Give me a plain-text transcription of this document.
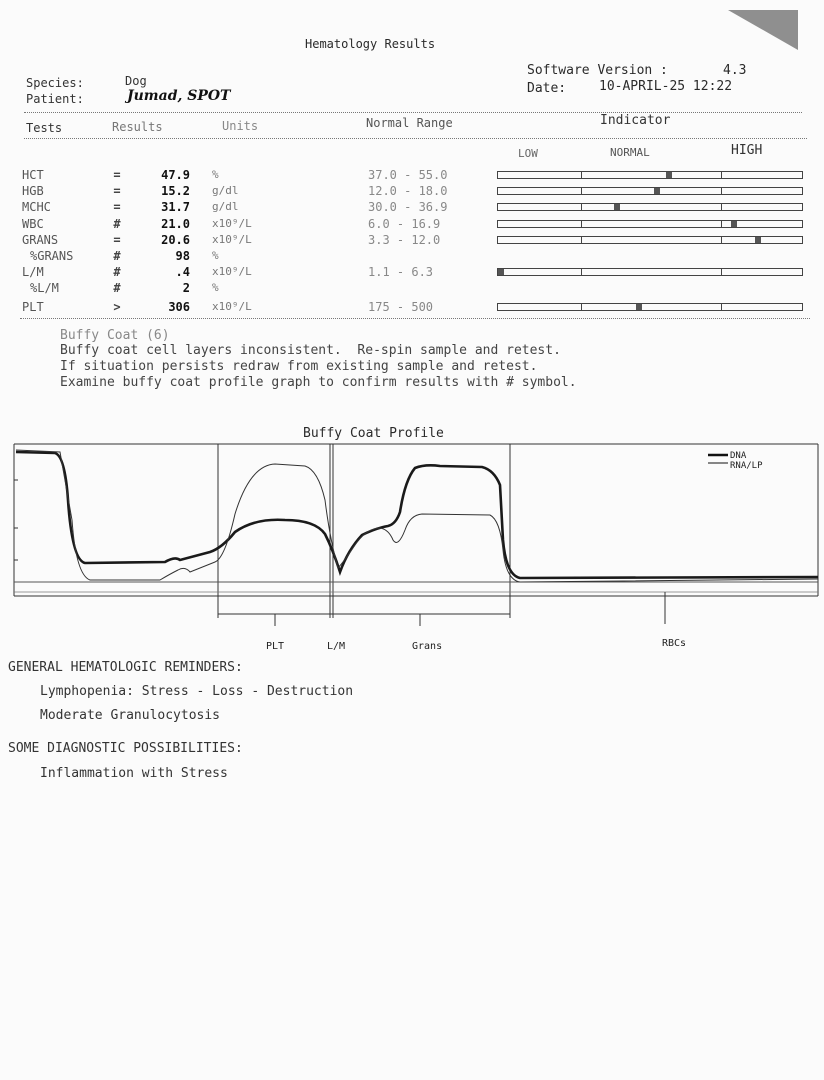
Hematology Results
Species:	Dog
Patient:	Jumad, SPOT
Software Version :	4.3
Date:	10-APRIL-25 12:22
Tests	Results	Units	Normal Range	Indicator
LOW	NORMAL	HIGH
HCT	=	47.9 %	37.0 - 55.0
HGB	=	15.2 g/dl	12.0 - 18.0
MCHC	=	31.7 g/dl	30.0 - 36.9
WBC	#	21.0 x10⁹/L	6.0 - 16.9
GRANS	=	20.6 x10⁹/L	3.3 - 12.0
%GRANS	#	98 %
L/M	#	.4 x10⁹/L	1.1 - 6.3
%L/M	#	2 %
PLT	>	306 x10⁹/L	175 - 500
Buffy Coat (6)
Buffy coat cell layers inconsistent.  Re-spin sample and retest.
If situation persists redraw from existing sample and retest.
Examine buffy coat profile graph to confirm results with # symbol.
Buffy Coat Profile
DNA
RNA/LP
PLT	L/M	Grans	RBCs
GENERAL HEMATOLOGIC REMINDERS:
Lymphopenia: Stress - Loss - Destruction
Moderate Granulocytosis
SOME DIAGNOSTIC POSSIBILITIES:
Inflammation with Stress
